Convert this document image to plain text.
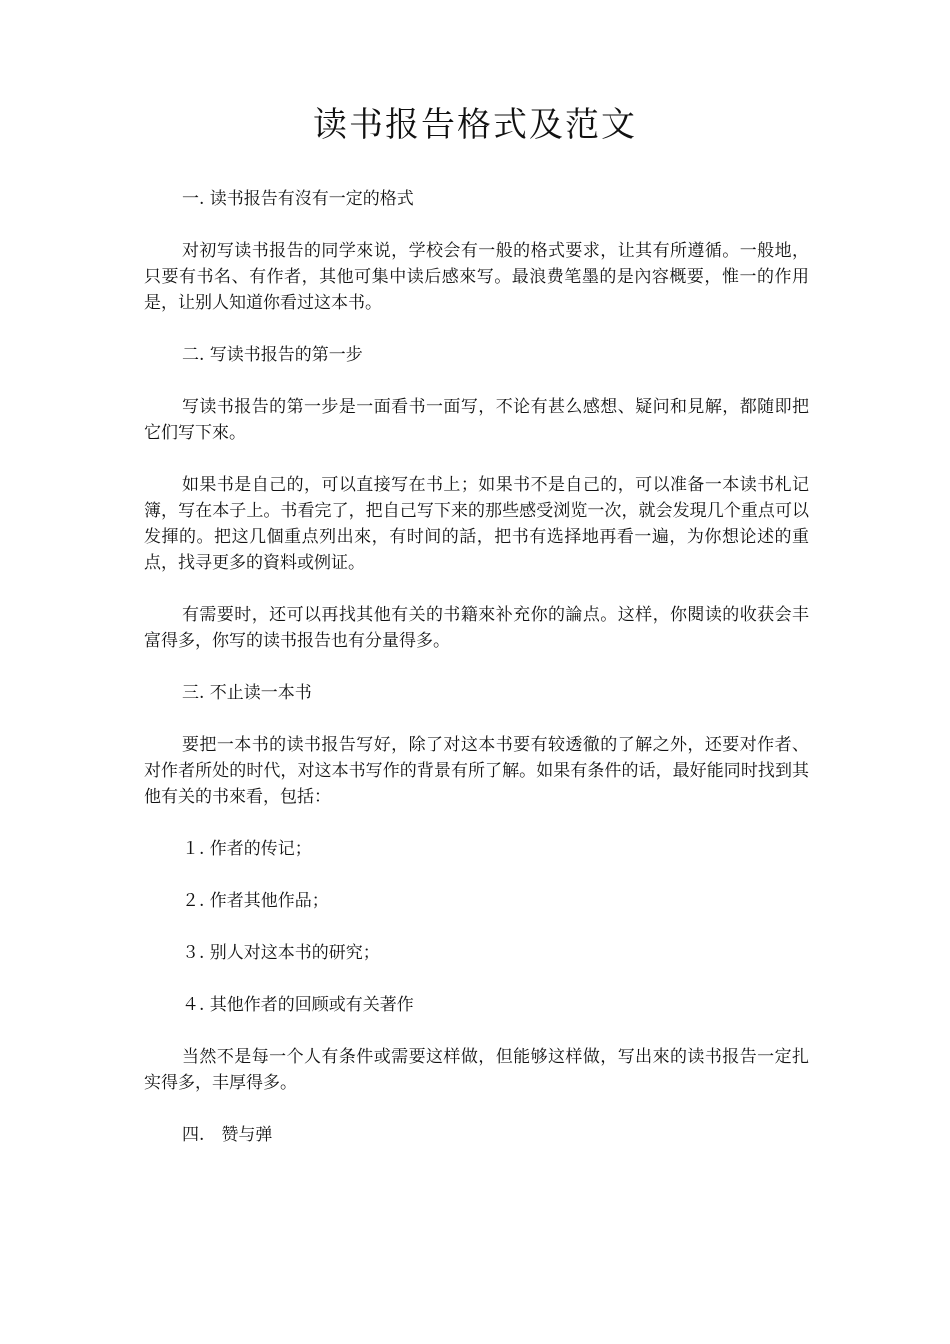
读书报告格式及范文

一. 读书报告有沒有一定的格式

对初写读书报告的同学來说，学校会有一般的格式要求，让其有所遵循。一般地，只要有书名、有作者，其他可集中读后感來写。最浪费笔墨的是內容概要，惟一的作用是，让别人知道你看过这本书。

二. 写读书报告的第一步

写读书报告的第一步是一面看书一面写，不论有甚么感想、疑问和見解，都随即把它们写下來。

如果书是自己的，可以直接写在书上；如果书不是自己的，可以准备一本读书札记簿，写在本子上。书看完了，把自己写下来的那些感受浏览一次，就会发現几个重点可以发揮的。把这几個重点列出來，有时间的話，把书有选择地再看一遍，为你想论述的重点，找寻更多的資料或例证。

有需要时，还可以再找其他有关的书籍來补充你的論点。这样，你閱读的收获会丰富得多，你写的读书报告也有分量得多。

三. 不止读一本书

要把一本书的读书报告写好，除了对这本书要有较透徹的了解之外，还要对作者、对作者所处的时代，对这本书写作的背景有所了解。如果有条件的话，最好能同时找到其他有关的书來看，包括：

１. 作者的传记；

２. 作者其他作品；

３. 别人对这本书的研究；

４. 其他作者的回顾或有关著作

当然不是每一个人有条件或需要这样做，但能够这样做，写出來的读书报告一定扎实得多，丰厚得多。

四.　赞与弹
